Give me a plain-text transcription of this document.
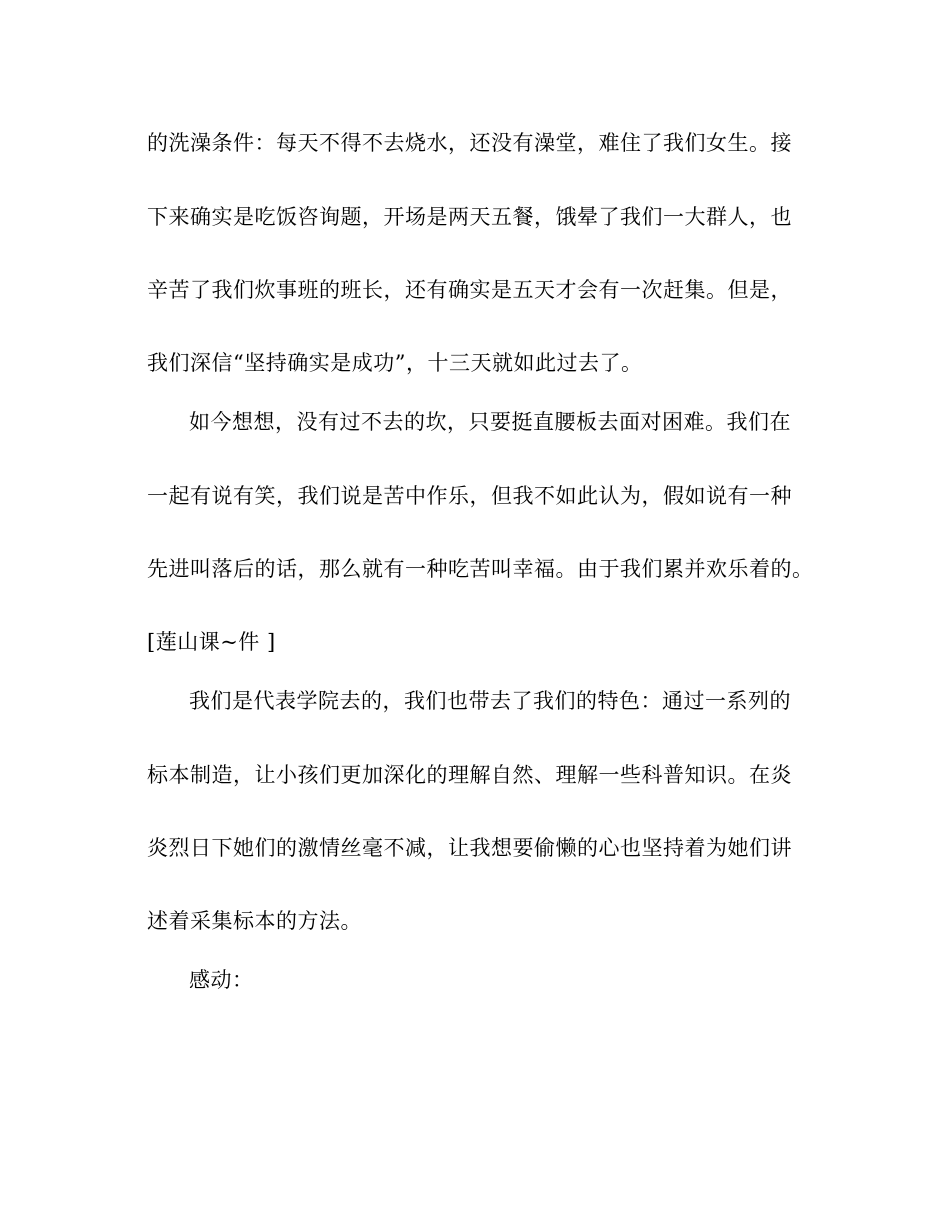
的洗澡条件：每天不得不去烧水，还没有澡堂，难住了我们女生。接
下来确实是吃饭咨询题，开场是两天五餐，饿晕了我们一大群人，也
辛苦了我们炊事班的班长，还有确实是五天才会有一次赶集。但是，
我们深信“坚持确实是成功”，十三天就如此过去了。
如今想想，没有过不去的坎，只要挺直腰板去面对困难。我们在
一起有说有笑，我们说是苦中作乐，但我不如此认为，假如说有一种
先进叫落后的话，那么就有一种吃苦叫幸福。由于我们累并欢乐着的。
[莲山课~件 ]
我们是代表学院去的，我们也带去了我们的特色：通过一系列的
标本制造，让小孩们更加深化的理解自然、理解一些科普知识。在炎
炎烈日下她们的激情丝毫不减，让我想要偷懒的心也坚持着为她们讲
述着采集标本的方法。
感动：
